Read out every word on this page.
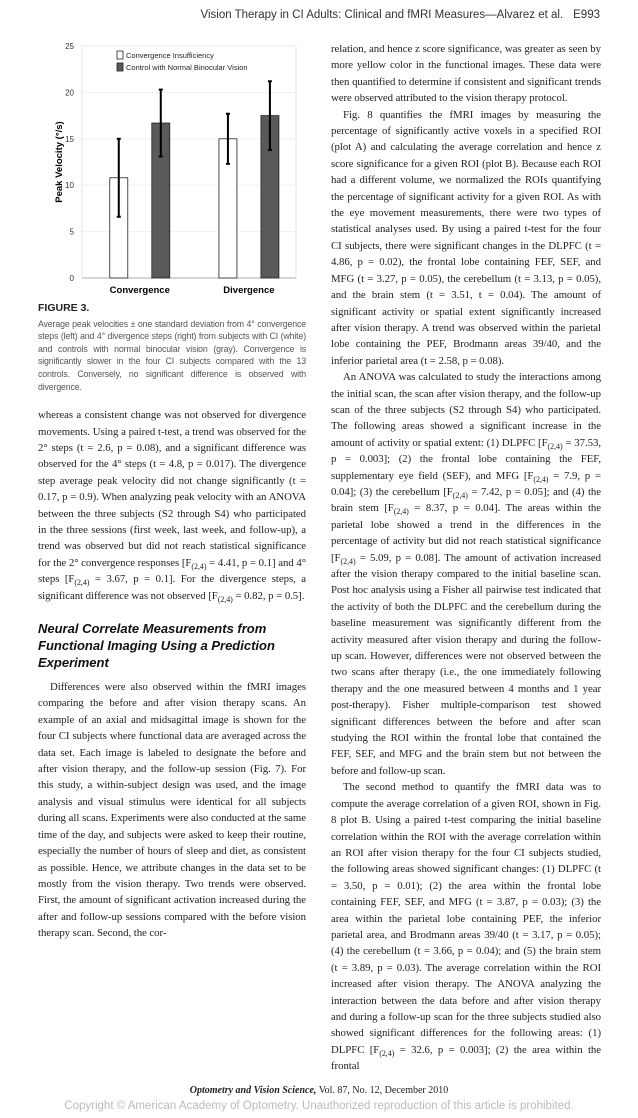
Vision Therapy in CI Adults: Clinical and fMRI Measures—Alvarez et al. E993
0
5
10
15
20
25
Peak Velocity (°/s)
Convergence	Divergence
Convergence Insufficiency
Control with Normal Binocular Vision
FIGURE 3.
Average peak velocities ± one standard deviation from 4° convergence steps (left) and 4° divergence steps (right) from subjects with CI (white) and controls with normal binocular vision (gray). Convergence is significantly slower in the four CI subjects compared with the 13 controls. Conversely, no significant difference is observed with divergence.

whereas a consistent change was not observed for divergence movements. Using a paired t-test, a trend was observed for the 2° steps (t = 2.6, p = 0.08), and a significant difference was observed for the 4° steps (t = 4.8, p = 0.017). The divergence step average peak velocity did not change significantly (t = 0.17, p = 0.9). When analyzing peak velocity with an ANOVA between the three subjects (S2 through S4) who participated in the three sessions (first week, last week, and follow-up), a trend was observed but did not reach statistical significance for the 2° convergence responses [$F_{(2,4)} = 4.41$, p = 0.1] and 4° steps [$F_{(2,4)} = 3.67$, p = 0.1]. For the divergence steps, a significant difference was not observed [$F_{(2,4)} = 0.82$, p = 0.5].

Neural Correlate Measurements from Functional Imaging Using a Prediction Experiment

Differences were also observed within the fMRI images comparing the before and after vision therapy scans. An example of an axial and midsagittal image is shown for the four CI subjects where functional data are averaged across the data set. Each image is labeled to designate the before and after vision therapy, and the follow-up session (Fig. 7). For this study, a within-subject design was used, and the image analysis and visual stimulus were identical for all subjects during all scans. Experiments were also conducted at the same time of the day, and subjects were asked to keep their routine, especially the number of hours of sleep and diet, as consistent as possible. Hence, we attribute changes in the data set to be mostly from the vision therapy. Two trends were observed. First, the amount of significant activation increased during the after and follow-up sessions compared with the before vision therapy scan. Second, the cor-

relation, and hence z score significance, was greater as seen by more yellow color in the functional images. These data were then quantified to determine if consistent and significant trends were observed attributed to the vision therapy protocol.

Fig. 8 quantifies the fMRI images by measuring the percentage of significantly active voxels in a specified ROI (plot A) and calculating the average correlation and hence z score significance for a given ROI (plot B). Because each ROI had a different volume, we normalized the ROIs quantifying the percentage of significant activity for a given ROI. As with the eye movement measurements, there were two types of statistical analyses used. By using a paired t-test for the four CI subjects, there were significant changes in the DLPFC (t = 4.86, p = 0.02), the frontal lobe containing FEF, SEF, and MFG (t = 3.27, p = 0.05), the cerebellum (t = 3.13, p = 0.05), and the brain stem (t = 3.51, t = 0.04). The amount of significant activity or spatial extent significantly increased after vision therapy. A trend was observed within the parietal lobe containing the PEF, Brodmann areas 39/40, and the inferior parietal area (t = 2.58, p = 0.08).

An ANOVA was calculated to study the interactions among the initial scan, the scan after vision therapy, and the follow-up scan of the three subjects (S2 through S4) who participated. The following areas showed a significant increase in the amount of activity or spatial extent: (1) DLPFC [$F_{(2,4)} = 37.53$, p = 0.003]; (2) the frontal lobe containing the FEF, supplementary eye field (SEF), and MFG [$F_{(2,4)} = 7.9$, p = 0.04]; (3) the cerebellum [$F_{(2,4)} = 7.42$, p = 0.05]; and (4) the brain stem [$F_{(2,4)} = 8.37$, p = 0.04]. The areas within the parietal lobe showed a trend in the differences in the percentage of activity but did not reach statistical significance [$F_{(2,4)} = 5.09$, p = 0.08]. The amount of activation increased after the vision therapy compared to the initial baseline scan. Post hoc analysis using a Fisher all pairwise test indicated that the activity of both the DLPFC and the cerebellum during the baseline measurement was significantly different from the activity measured after vision therapy and during the follow-up scan. However, differences were not observed between the two scans after therapy (i.e., the one immediately following therapy and the one measured between 4 months and 1 year post-therapy). Fisher multiple-comparison test showed significant differences between the before and after scan studying the ROI within the frontal lobe that contained the FEF, SEF, and MFG and the brain stem but not between the before and follow-up scan.

The second method to quantify the fMRI data was to compute the average correlation of a given ROI, shown in Fig. 8 plot B. Using a paired t-test comparing the initial baseline correlation within the ROI with the average correlation within an ROI after vision therapy for the four CI subjects studied, the following areas showed significant changes: (1) DLPFC (t = 3.50, p = 0.01); (2) the area within the frontal lobe containing FEF, SEF, and MFG (t = 3.87, p = 0.03); (3) the area within the parietal lobe containing PEF, the inferior parietal area, and Brodmann areas 39/40 (t = 3.17, p = 0.05); (4) the cerebellum (t = 3.66, p = 0.04); and (5) the brain stem (t = 3.89, p = 0.03). The average correlation within the ROI increased after vision therapy. The ANOVA analyzing the interaction between the data before and after vision therapy and during a follow-up scan for the three subjects studied also showed significant differences for the following areas: (1) DLPFC [$F_{(2,4)} = 32.6$, p = 0.003]; (2) the area within the frontal

Optometry and Vision Science, Vol. 87, No. 12, December 2010
Copyright © American Academy of Optometry. Unauthorized reproduction of this article is prohibited.
